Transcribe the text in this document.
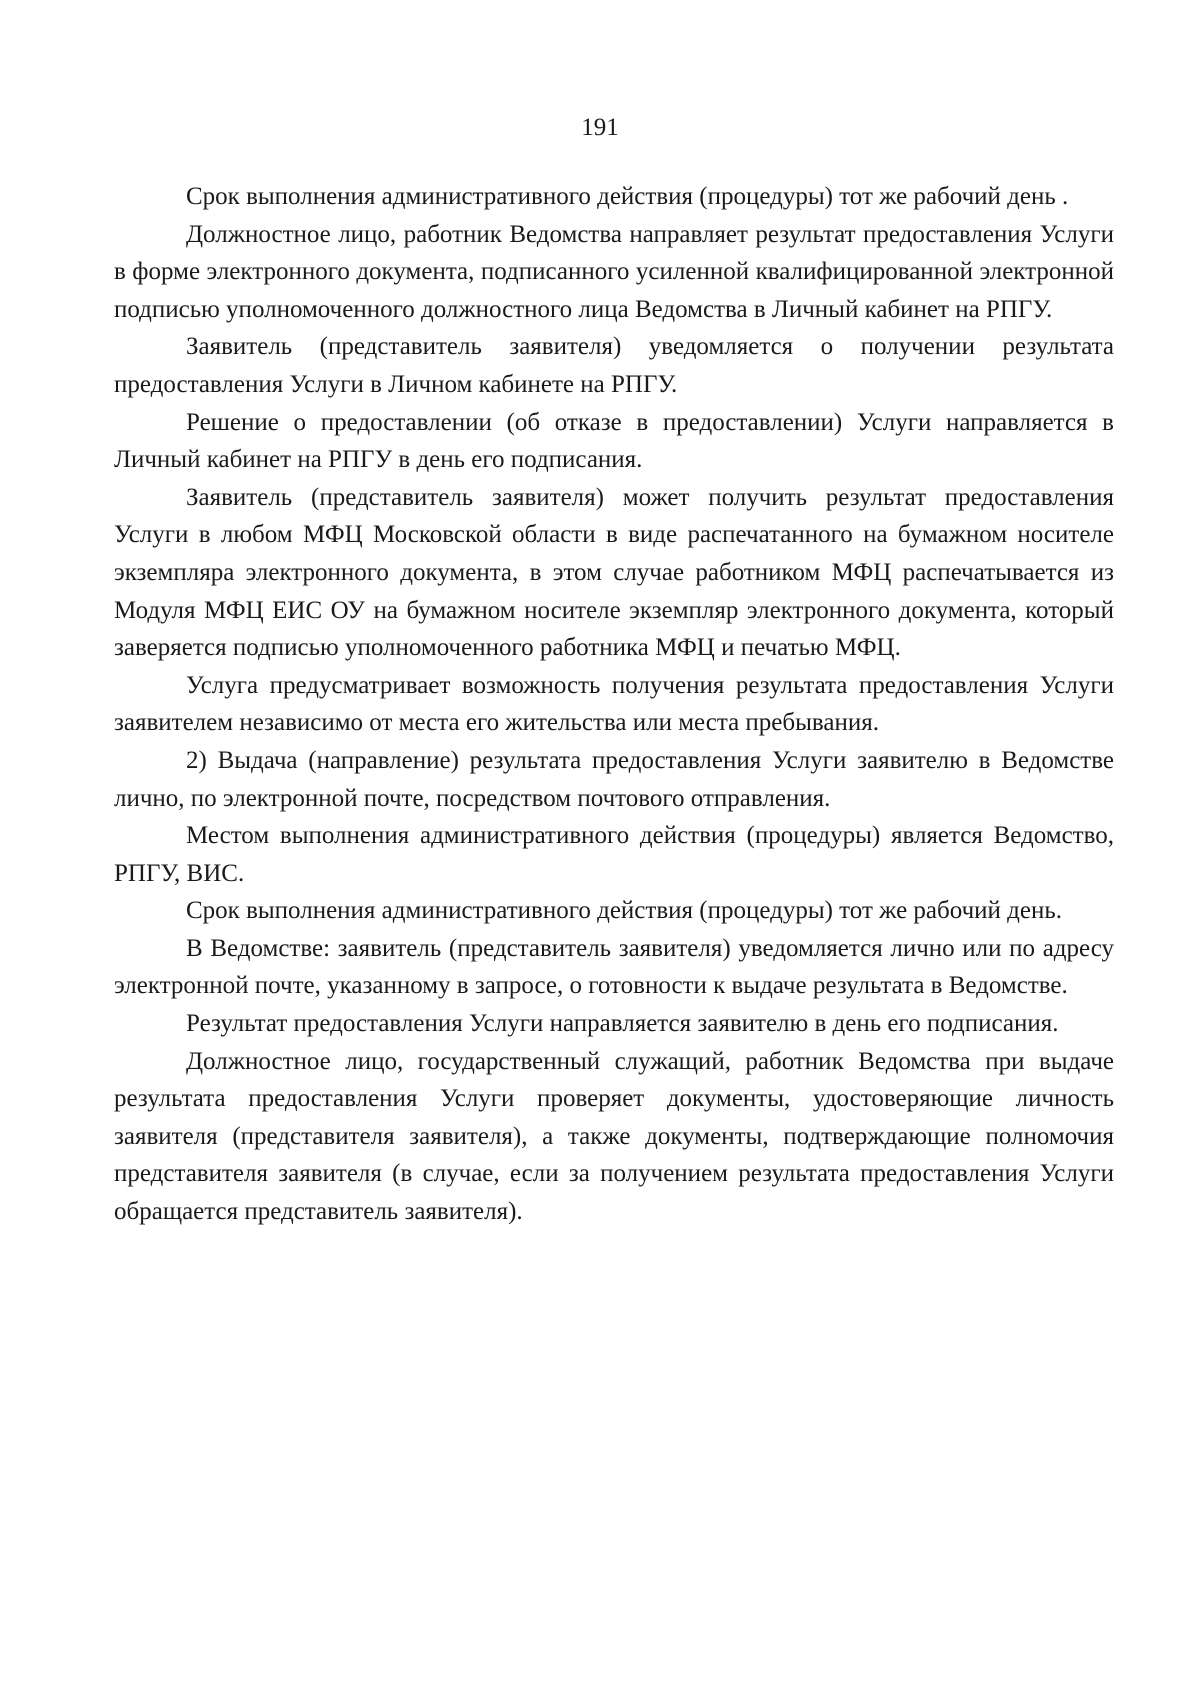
191

Срок выполнения административного действия (процедуры) тот же рабочий день .

Должностное лицо, работник Ведомства направляет результат предоставления Услуги в форме электронного документа, подписанного усиленной квалифицированной электронной подписью уполномоченного должностного лица Ведомства в Личный кабинет на РПГУ.

Заявитель (представитель заявителя) уведомляется о получении результата предоставления Услуги в Личном кабинете на РПГУ.

Решение о предоставлении (об отказе в предоставлении) Услуги направляется в Личный кабинет на РПГУ в день его подписания.

Заявитель (представитель заявителя) может получить результат предоставления Услуги в любом МФЦ Московской области в виде распечатанного на бумажном носителе экземпляра электронного документа, в этом случае работником МФЦ распечатывается из Модуля МФЦ ЕИС ОУ на бумажном носителе экземпляр электронного документа, который заверяется подписью уполномоченного работника МФЦ и печатью МФЦ.

Услуга предусматривает возможность получения результата предоставления Услуги заявителем независимо от места его жительства или места пребывания.

2) Выдача (направление) результата предоставления Услуги заявителю в Ведомстве лично, по электронной почте, посредством почтового отправления.

Местом выполнения административного действия (процедуры) является Ведомство, РПГУ, ВИС.

Срок выполнения административного действия (процедуры) тот же рабочий день.

В Ведомстве: заявитель (представитель заявителя) уведомляется лично или по адресу электронной почте, указанному в запросе, о готовности к выдаче результата в Ведомстве.

Результат предоставления Услуги направляется заявителю в день его подписания.

Должностное лицо, государственный служащий, работник Ведомства при выдаче результата предоставления Услуги проверяет документы, удостоверяющие личность заявителя (представителя заявителя), а также документы, подтверждающие полномочия представителя заявителя (в случае, если за получением результата предоставления Услуги обращается представитель заявителя).
